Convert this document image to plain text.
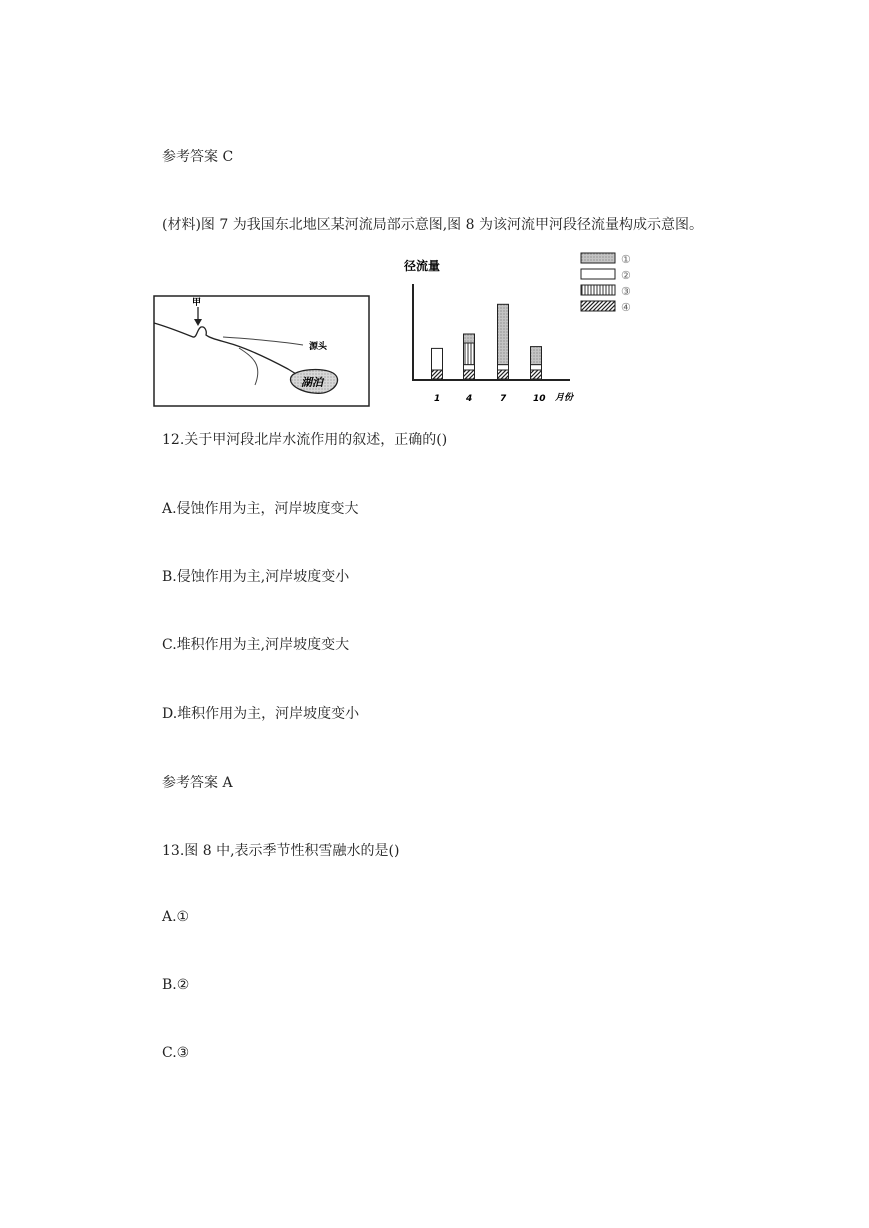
参考答案 C
(材料)图 7 为我国东北地区某河流局部示意图,图 8 为该河流甲河段径流量构成示意图。
甲
源头
湖泊
径流量
1	4	7	10 月份
①
②
③
④
12.关于甲河段北岸水流作用的叙述，正确的()
A.侵蚀作用为主，河岸坡度变大
B.侵蚀作用为主,河岸坡度变小
C.堆积作用为主,河岸坡度变大
D.堆积作用为主，河岸坡度变小
参考答案 A
13.图 8 中,表示季节性积雪融水的是()
A.①
B.②
C.③
